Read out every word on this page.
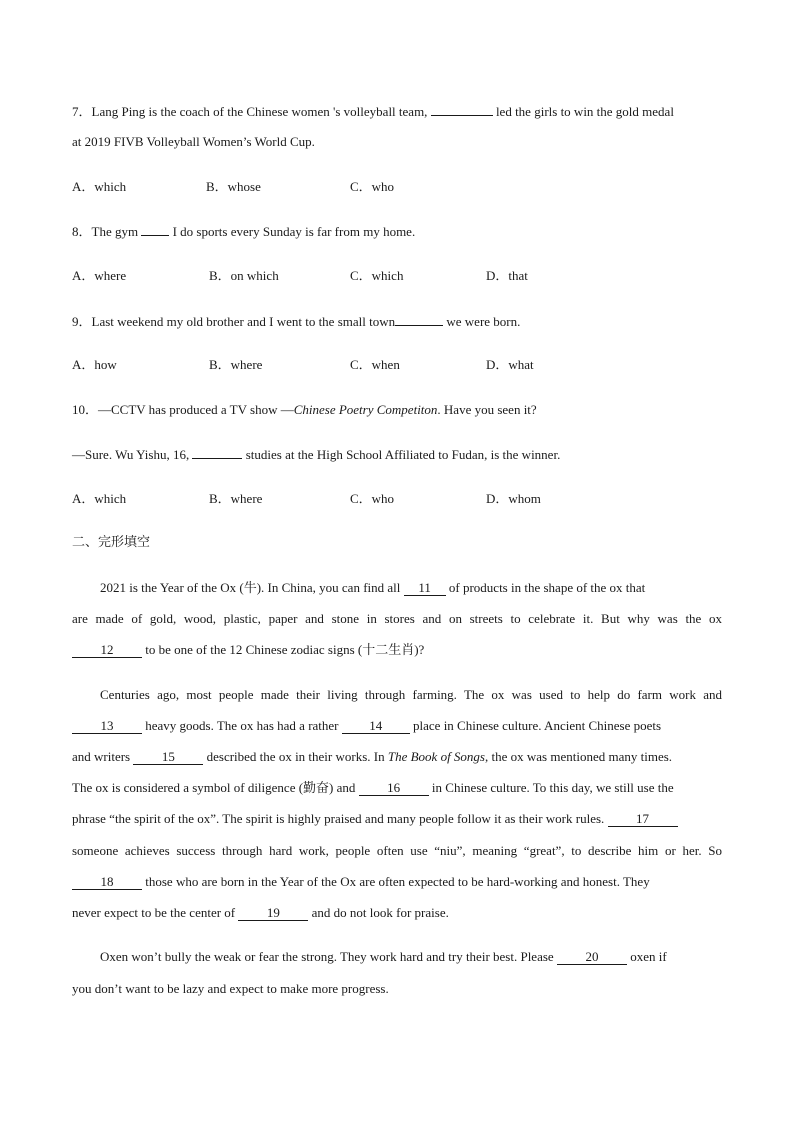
7．Lang Ping is the coach of the Chinese women 's volleyball team,	led the girls to win the gold medal
at 2019 FIVB Volleyball Women’s World Cup.
A．which	B．whose	C．who
8．The gym  I do sports every Sunday is far from my home.
A．where	B．on which	C．which	D．that
9．Last weekend my old brother and I went to the small town	we were born.
A．how	B．where	C．when	D．what
10．—CCTV has produced a TV show —Chinese Poetry Competiton. Have you seen it?
—Sure. Wu Yishu, 16,	studies at the High School Affiliated to Fudan, is the winner.
A．which	B．where	C．who	D．whom
二、完形填空
2021 is the Year of the Ox (牛). In China, you can find all 11 of products in the shape of the ox that
are made of gold, wood, plastic, paper and stone in stores and on streets to celebrate it. But why was the ox
12 to be one of the 12 Chinese zodiac signs (十二生肖)?
Centuries ago, most people made their living through farming. The ox was used to help do farm work and
13 heavy goods. The ox has had a rather 14 place in Chinese culture. Ancient Chinese poets
and writers 15 described the ox in their works. In The Book of Songs, the ox was mentioned many times.
The ox is considered a symbol of diligence (勤奋) and 16 in Chinese culture. To this day, we still use the
phrase “the spirit of the ox”. The spirit is highly praised and many people follow it as their work rules. 17
someone achieves success through hard work, people often use “niu”, meaning “great”, to describe him or her. So
18 those who are born in the Year of the Ox are often expected to be hard-working and honest. They
never expect to be the center of 19 and do not look for praise.
Oxen won’t bully the weak or fear the strong. They work hard and try their best. Please 20 oxen if
you don’t want to be lazy and expect to make more progress.
